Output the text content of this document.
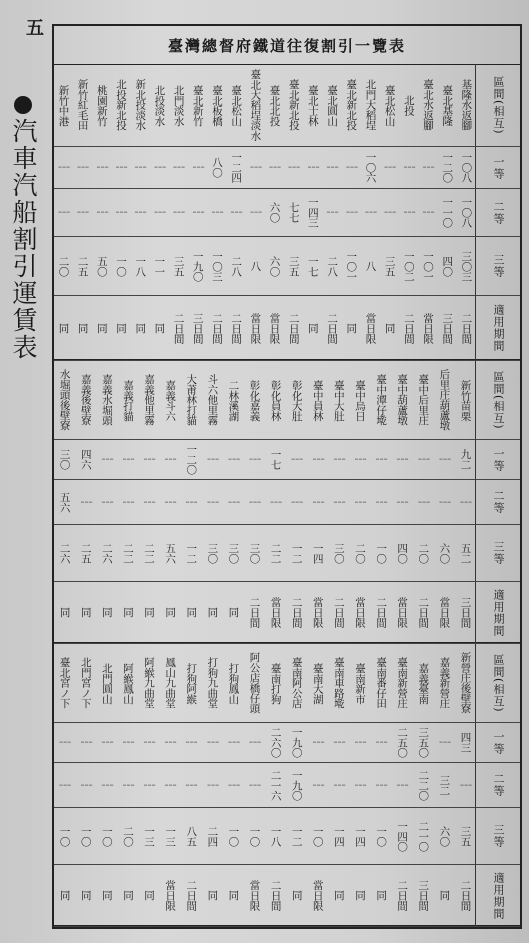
五
汽車汽船割引運賃表
臺灣總督府鐵道往復割引一覽表
區間(相互)
基隆水返腳
臺北基隆
臺北水返腳
北投
臺北松山
北門大稻埕
臺北新北投
臺北圓山
臺北士林
臺北新北投
臺北北投
臺北大稻埕淡水
臺北松山
臺北板橋
臺北新竹
北門淡水
北投淡水
新北投淡水
北投新北投
桃園新竹
新竹紅毛田
新竹中港
一等
一〇八
一二〇
┆
┆
┆
一〇六
┆
┆
┆
┆
┆
┆
一二四
八〇
┆
┆
┆
┆
┆
┆
┆
┆
二等
一〇八
一一〇
┆
┆
┆
┆
┆
┆
一四三
七七
六〇
┆
┆
┆
┆
┆
┆
┆
┆
┆
┆
┆
三等
三〇三
四〇
一〇一
一〇二
三五
八
一〇一
二八
一七
三五
六〇
八
二八
一〇三
一九〇
三五
一一
一八
一〇
五〇
二五
二〇
適用期間
二日間
三日間
當日限
二日間
同
當日限
同
二日間
同
二日間
當日限
當日限
二日間
二日間
三日間
二日間
同
同
同
同
同
同
區間(相互)
新竹苗栗
后里庄葫蘆墩
臺中后里庄
臺中葫蘆墩
臺中潭仔墘
臺中烏日
臺中大肚
臺中員林
彰化大肚
彰化員林
彰化嘉義
二林溪湖
斗六他里霧
大莆林打貓
嘉義斗六
嘉義他里霧
嘉義打貓
嘉義水堀頭
嘉義後壁寮
水堀頭後壁寮
一等
九二
┆
┆
┆
┆
┆
┆
┆
┆
一七
┆
┆
┆
一二〇
┆
┆
┆
┆
四六
三〇
二等
┆
┆
┆
┆
┆
┆
┆
┆
┆
┆
┆
┆
┆
┆
┆
┆
┆
┆
┆
五六
三等
五二
六〇
二〇
四〇
一〇
二〇
三〇
一四
一二
二二
三〇
三〇
三〇
一二
五六
二二
二二
二六
二五
二六
適用期間
三日間
當日限
二日間
當日限
二日間
當日限
二日間
當日限
二日間
當日限
二日間
同
同
同
同
同
同
同
同
同
區間(相互)
新營庄後壁寮
嘉義新營庄
嘉義臺南
臺南新營庄
臺南番仔田
臺南新市
臺南車路墘
臺南大湖
臺南阿公店
臺南打狗
阿公店橋仔頭
打狗鳳山
打狗九曲堂
打狗阿緱
鳳山九曲堂
阿緱九曲堂
阿緱鳳山
北門圓山
北門宮ノ下
臺北宮ノ下
一等
四三
┆
三五〇
二五〇
┆
┆
┆
┆
一九〇
二六〇
┆
┆
┆
┆
┆
┆
┆
┆
┆
┆
二等
┆
三二
二二〇
┆
┆
┆
┆
┆
一九〇
二一六
┆
┆
┆
┆
┆
┆
┆
┆
┆
┆
三等
三五
六〇
二一〇
一四〇
一〇
一四
一四
一〇
一二
一八
一〇
一〇
二四
八五
一三
一三
二〇
一〇
一〇
一〇
適用期間
二日間
同
三日間
二日間
同
同
同
當日限
同
二日間
當日限
同
同
二日間
當日限
同
同
同
同
同
